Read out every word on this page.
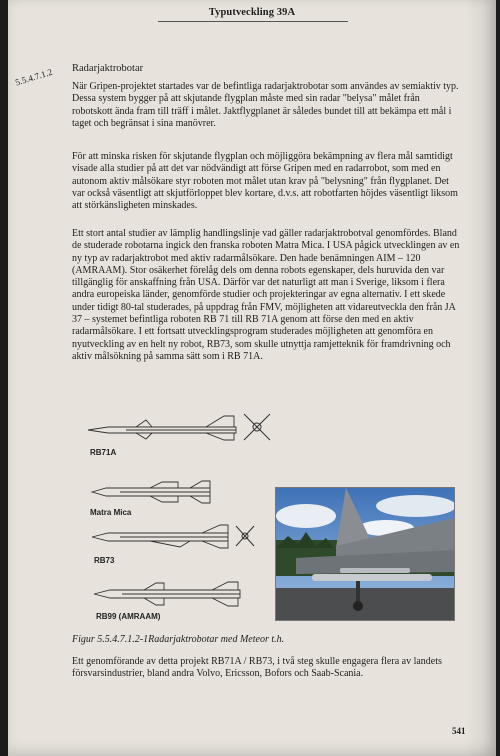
Typutveckling 39A
5.5.4.7.1.2 Radarjaktrobotar
När Gripen-projektet startades var de befintliga radarjaktrobotar som användes av semiaktiv typ. Dessa system bygger på att skjutande flygplan måste med sin radar "belysa" målet från robotskott ända fram till träff i målet. Jaktflygplanet är således bundet till att bekämpa ett mål i taget och begränsat i sina manövrer.
För att minska risken för skjutande flygplan och möjliggöra bekämpning av flera mål samtidigt visade alla studier på att det var nödvändigt att förse Gripen med en radarrobot, som med en autonom aktiv målsökare styr roboten mot målet utan krav på "belysning" från flygplanet. Det var också väsentligt att skjutförloppet blev kortare, d.v.s. att robotfarten höjdes väsentligt liksom att störkänsligheten minskades.
Ett stort antal studier av lämplig handlingslinje vad gäller radarjaktrobotval genomfördes. Bland de studerade robotarna ingick den franska roboten Matra Mica. I USA pågick utvecklingen av en ny typ av radarjaktrobot med aktiv radarmålsökare. Den hade benämningen AIM – 120 (AMRAAM). Stor osäkerhet förelåg dels om denna robots egenskaper, dels huruvida den var tillgänglig för anskaffning från USA. Därför var det naturligt att man i Sverige, liksom i flera andra europeiska länder, genomförde studier och projekteringar av egna alternativ. I ett skede under tidigt 80-tal studerades, på uppdrag från FMV, möjligheten att vidareutveckla den från JA 37 – systemet befintliga roboten RB 71 till RB 71A genom att förse den med en aktiv radarmålsökare. I ett fortsatt utvecklingsprogram studerades möjligheten att genomföra en nyutveckling av en helt ny robot, RB73, som skulle utnyttja ramjetteknik för framdrivning och aktiv målsökning på samma sätt som i RB 71A.
RB71A
Matra Mica
RB73
RB99 (AMRAAM)
Figur 5.5.4.7.1.2-1Radarjaktrobotar med Meteor t.h.
Ett genomförande av detta projekt RB71A / RB73, i två steg skulle engagera flera av landets försvarsindustrier, bland andra Volvo, Ericsson, Bofors och Saab-Scania.
541
